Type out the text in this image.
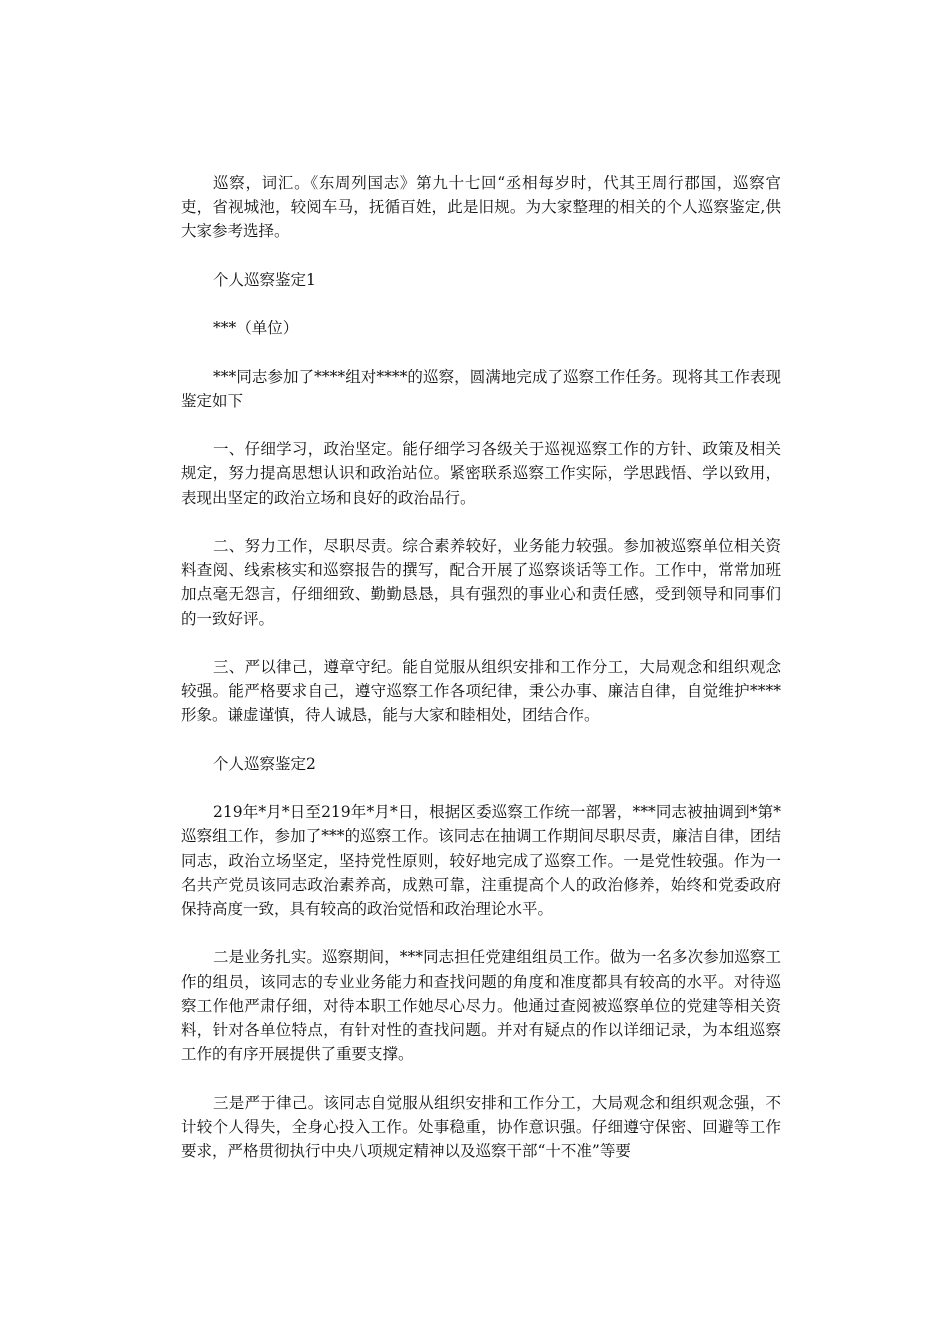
巡察，词汇。《东周列国志》第九十七回“丞相每岁时，代其王周行郡国，巡察官吏，省视城池，较阅车马，抚循百姓，此是旧规。为大家整理的相关的个人巡察鉴定,供大家参考选择。

个人巡察鉴定1

***（单位）

***同志参加了****组对****的巡察，圆满地完成了巡察工作任务。现将其工作表现鉴定如下

一、仔细学习，政治坚定。能仔细学习各级关于巡视巡察工作的方针、政策及相关规定，努力提高思想认识和政治站位。紧密联系巡察工作实际，学思践悟、学以致用，表现出坚定的政治立场和良好的政治品行。

二、努力工作，尽职尽责。综合素养较好，业务能力较强。参加被巡察单位相关资料查阅、线索核实和巡察报告的撰写，配合开展了巡察谈话等工作。工作中，常常加班加点毫无怨言，仔细细致、勤勤恳恳，具有强烈的事业心和责任感，受到领导和同事们的一致好评。

三、严以律己，遵章守纪。能自觉服从组织安排和工作分工，大局观念和组织观念较强。能严格要求自己，遵守巡察工作各项纪律，秉公办事、廉洁自律，自觉维护****形象。谦虚谨慎，待人诚恳，能与大家和睦相处，团结合作。

个人巡察鉴定2

219年*月*日至219年*月*日，根据区委巡察工作统一部署，***同志被抽调到*第*巡察组工作，参加了***的巡察工作。该同志在抽调工作期间尽职尽责，廉洁自律，团结同志，政治立场坚定，坚持党性原则，较好地完成了巡察工作。一是党性较强。作为一名共产党员该同志政治素养高，成熟可靠，注重提高个人的政治修养，始终和党委政府保持高度一致，具有较高的政治觉悟和政治理论水平。

二是业务扎实。巡察期间，***同志担任党建组组员工作。做为一名多次参加巡察工作的组员，该同志的专业业务能力和查找问题的角度和准度都具有较高的水平。对待巡察工作他严肃仔细，对待本职工作她尽心尽力。他通过查阅被巡察单位的党建等相关资料，针对各单位特点，有针对性的查找问题。并对有疑点的作以详细记录，为本组巡察工作的有序开展提供了重要支撑。

三是严于律己。该同志自觉服从组织安排和工作分工，大局观念和组织观念强，不计较个人得失，全身心投入工作。处事稳重，协作意识强。仔细遵守保密、回避等工作要求，严格贯彻执行中央八项规定精神以及巡察干部“十不准”等要
